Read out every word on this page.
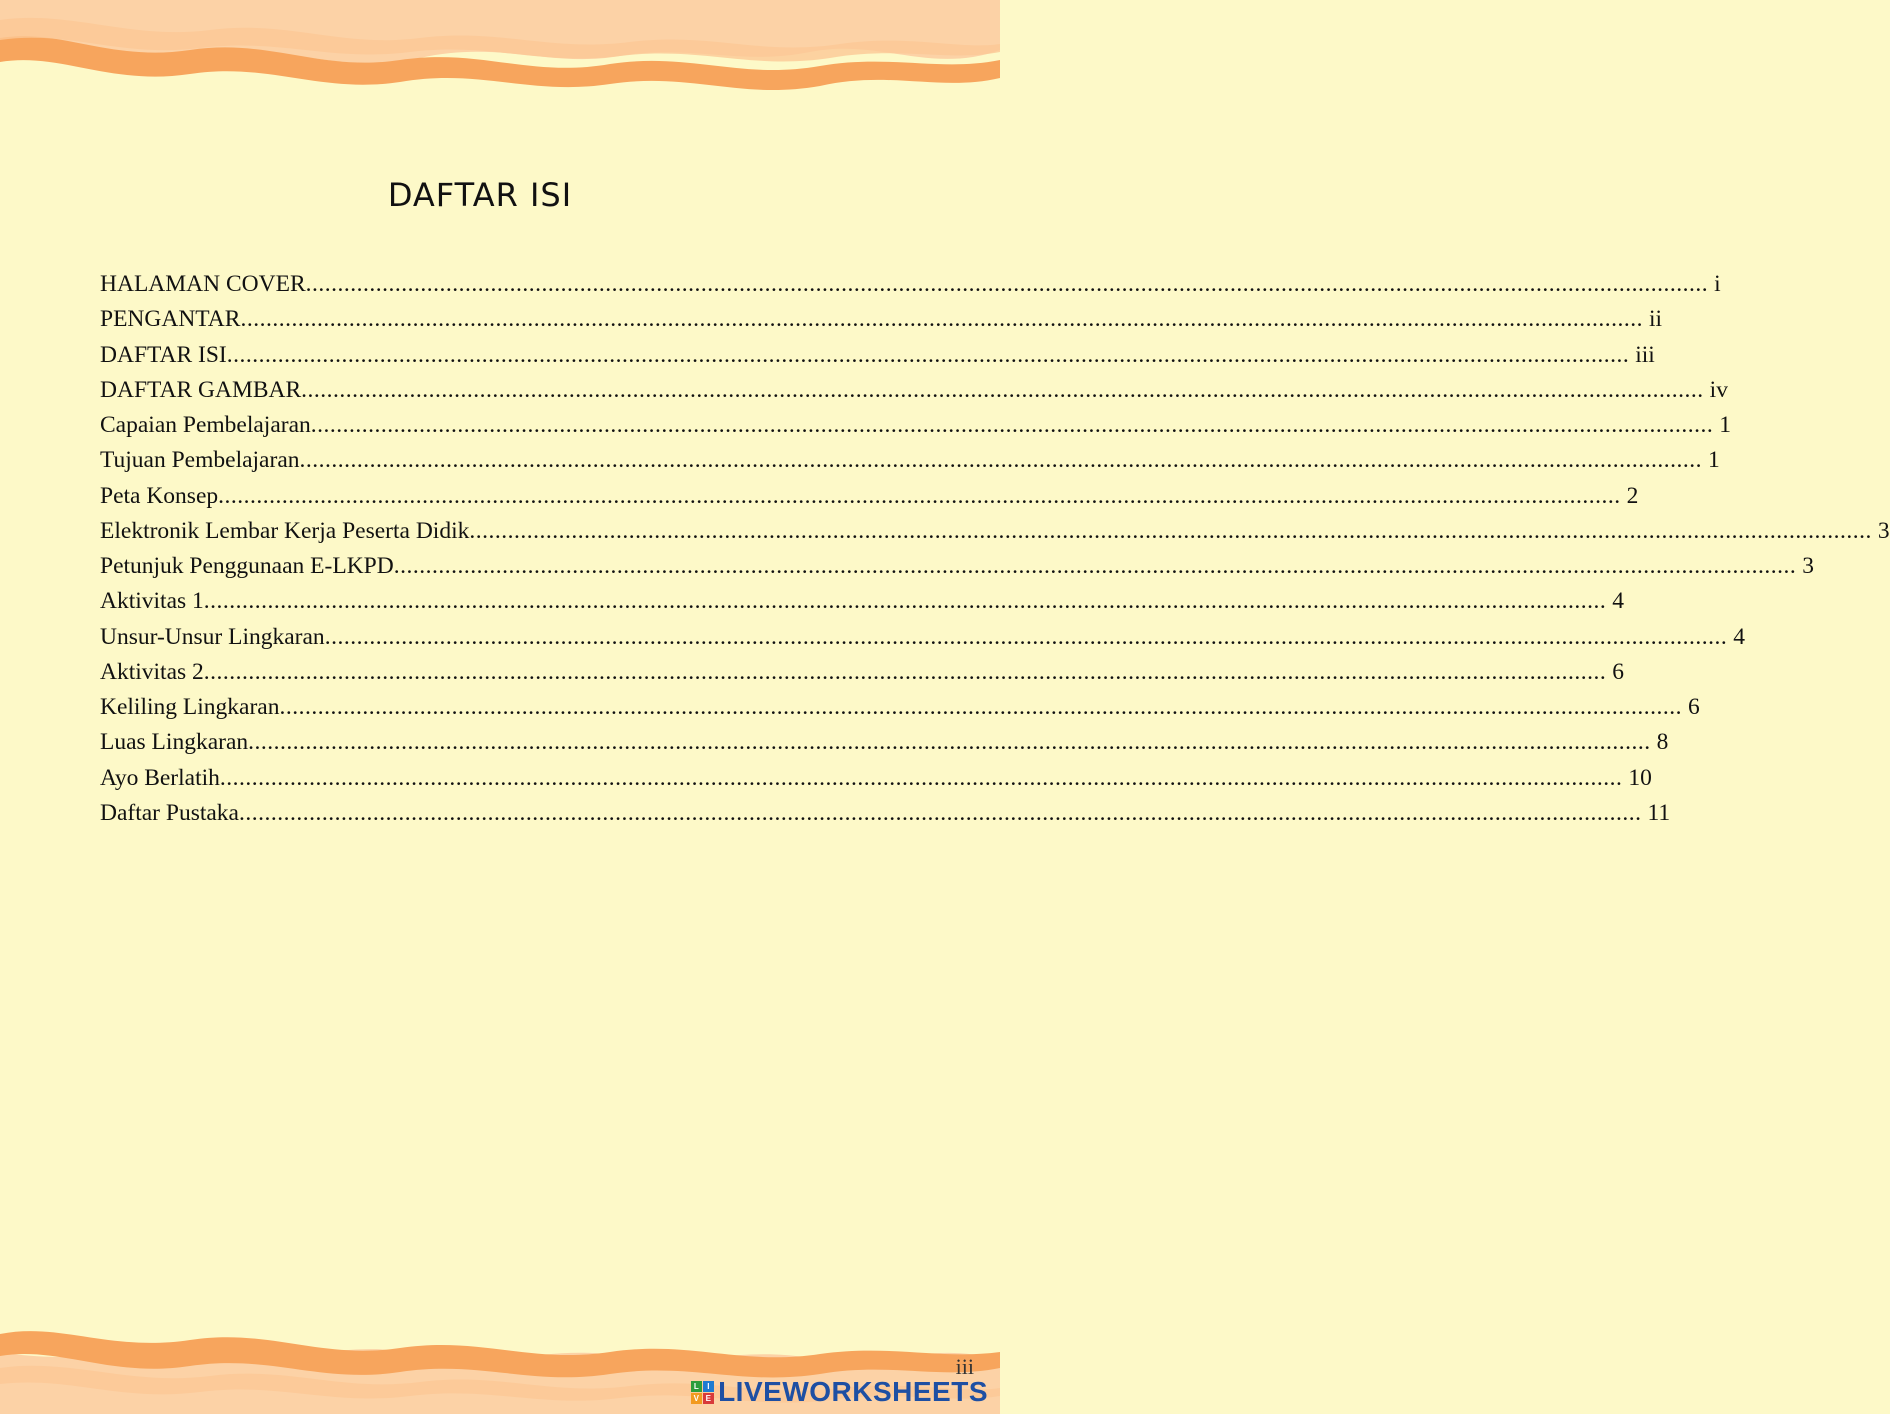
DAFTAR ISI
HALAMAN COVER ............................................................................................................................................................................................................................ i
PENGANTAR ............................................................................................................................................................................................................................ ii
DAFTAR ISI ............................................................................................................................................................................................................................ iii
DAFTAR GAMBAR ............................................................................................................................................................................................................................ iv
Capaian Pembelajaran ............................................................................................................................................................................................................................ 1
Tujuan Pembelajaran ............................................................................................................................................................................................................................ 1
Peta Konsep ............................................................................................................................................................................................................................ 2
Elektronik Lembar Kerja Peserta Didik ............................................................................................................................................................................................................................ 3
Petunjuk Penggunaan E-LKPD ............................................................................................................................................................................................................................ 3
Aktivitas 1 ............................................................................................................................................................................................................................ 4
Unsur-Unsur Lingkaran ............................................................................................................................................................................................................................ 4
Aktivitas 2 ............................................................................................................................................................................................................................ 6
Keliling Lingkaran ............................................................................................................................................................................................................................ 6
Luas Lingkaran ............................................................................................................................................................................................................................ 8
Ayo Berlatih ............................................................................................................................................................................................................................ 10
Daftar Pustaka ............................................................................................................................................................................................................................ 11
iii
L I
V E LIVEWORKSHEETS
